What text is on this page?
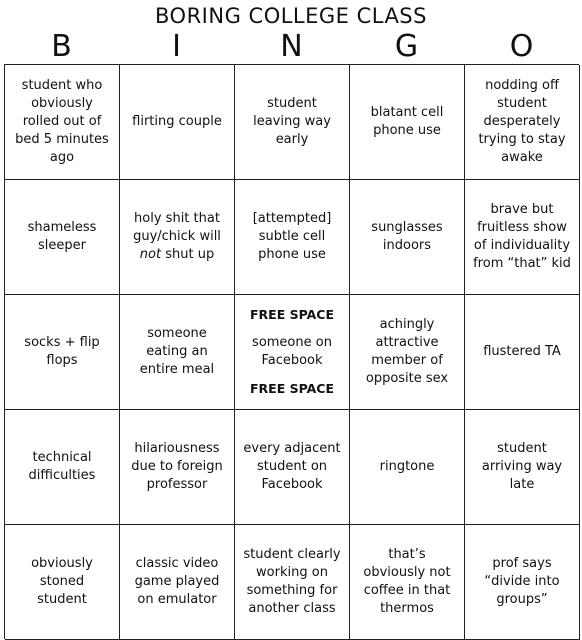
BORING COLLEGE CLASS
B	I	N	G	O
student who obviously rolled out of bed 5 minutes ago
flirting couple
student leaving way early
blatant cell phone use
nodding off student desperately trying to stay awake
shameless sleeper
holy shit that guy/chick will not shut up
[attempted] subtle cell phone use
sunglasses indoors
brave but fruitless show of individuality from “that” kid
socks + flip flops
someone eating an entire meal
FREE SPACE
someone on Facebook
FREE SPACE
achingly attractive member of opposite sex
flustered TA
technical difficulties
hilariousness due to foreign professor
every adjacent student on Facebook
ringtone
student arriving way late
obviously stoned student
classic video game played on emulator
student clearly working on something for another class
that’s obviously not coffee in that thermos
prof says “divide into groups”
